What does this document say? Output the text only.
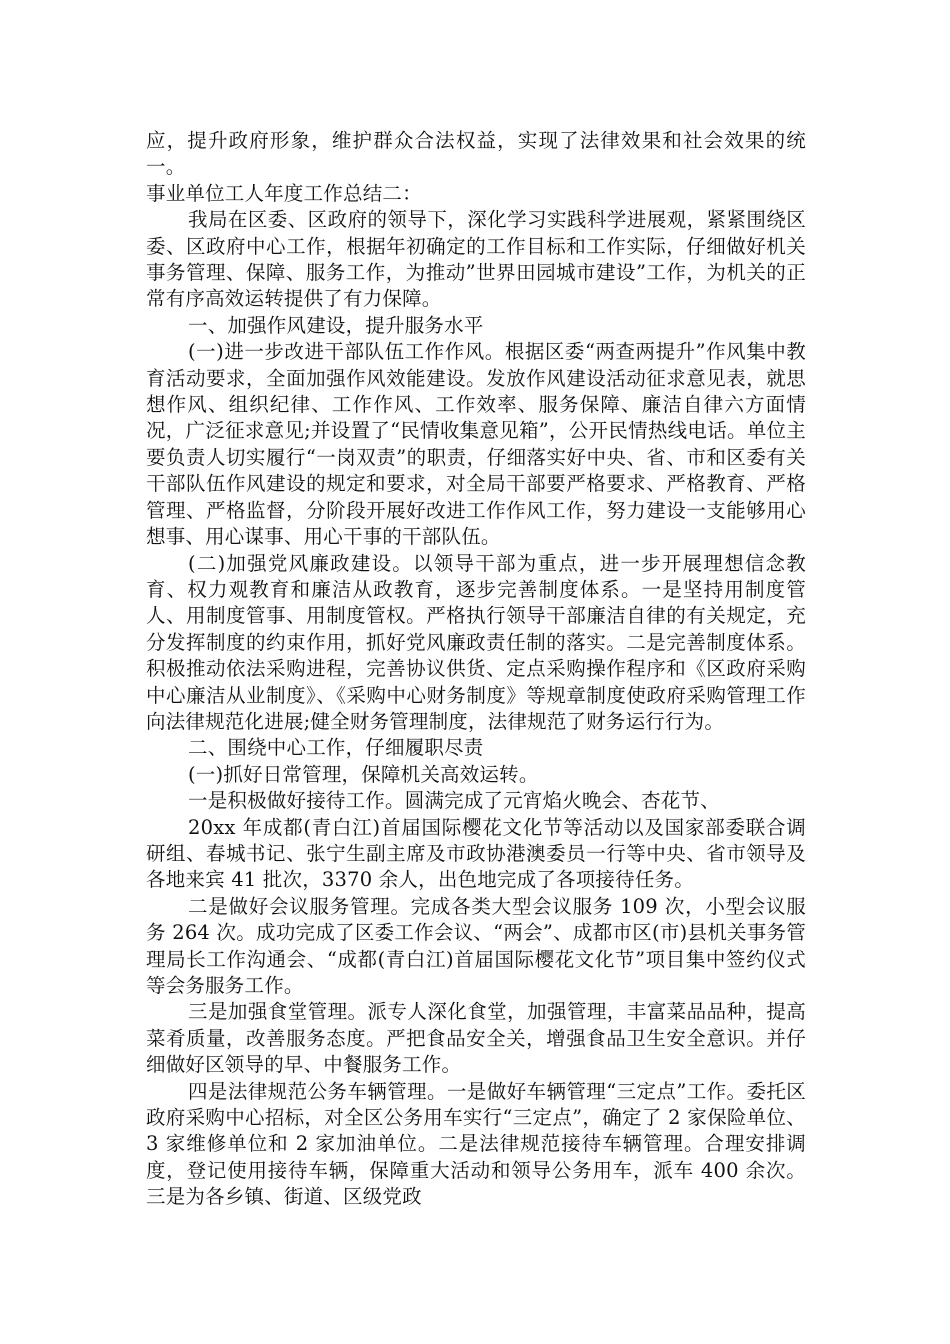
应，提升政府形象，维护群众合法权益，实现了法律效果和社会效果的统一。

事业单位工人年度工作总结二：

我局在区委、区政府的领导下，深化学习实践科学进展观，紧紧围绕区委、区政府中心工作，根据年初确定的工作目标和工作实际，仔细做好机关事务管理、保障、服务工作，为推动”世界田园城市建设”工作，为机关的正常有序高效运转提供了有力保障。

一、加强作风建设，提升服务水平

(一)进一步改进干部队伍工作作风。根据区委“两查两提升”作风集中教育活动要求，全面加强作风效能建设。发放作风建设活动征求意见表，就思想作风、组织纪律、工作作风、工作效率、服务保障、廉洁自律六方面情况，广泛征求意见;并设置了“民情收集意见箱”，公开民情热线电话。单位主要负责人切实履行“一岗双责”的职责，仔细落实好中央、省、市和区委有关干部队伍作风建设的规定和要求，对全局干部要严格要求、严格教育、严格管理、严格监督，分阶段开展好改进工作作风工作，努力建设一支能够用心想事、用心谋事、用心干事的干部队伍。

(二)加强党风廉政建设。以领导干部为重点，进一步开展理想信念教育、权力观教育和廉洁从政教育，逐步完善制度体系。一是坚持用制度管人、用制度管事、用制度管权。严格执行领导干部廉洁自律的有关规定，充分发挥制度的约束作用，抓好党风廉政责任制的落实。二是完善制度体系。积极推动依法采购进程，完善协议供货、定点采购操作程序和《区政府采购中心廉洁从业制度》、《采购中心财务制度》等规章制度使政府采购管理工作向法律规范化进展;健全财务管理制度，法律规范了财务运行行为。

二、围绕中心工作，仔细履职尽责

(一)抓好日常管理，保障机关高效运转。

一是积极做好接待工作。圆满完成了元宵焰火晚会、杏花节、

20xx 年成都(青白江)首届国际樱花文化节等活动以及国家部委联合调研组、春城书记、张宁生副主席及市政协港澳委员一行等中央、省市领导及各地来宾 41 批次，3370 余人，出色地完成了各项接待任务。

二是做好会议服务管理。完成各类大型会议服务 109 次，小型会议服务 264 次。成功完成了区委工作会议、“两会”、成都市区(市)县机关事务管理局长工作沟通会、“成都(青白江)首届国际樱花文化节”项目集中签约仪式等会务服务工作。

三是加强食堂管理。派专人深化食堂，加强管理，丰富菜品品种，提高菜肴质量，改善服务态度。严把食品安全关，增强食品卫生安全意识。并仔细做好区领导的早、中餐服务工作。

四是法律规范公务车辆管理。一是做好车辆管理“三定点”工作。委托区政府采购中心招标，对全区公务用车实行“三定点”，确定了 2 家保险单位、3 家维修单位和 2 家加油单位。二是法律规范接待车辆管理。合理安排调度，登记使用接待车辆，保障重大活动和领导公务用车，派车 400 余次。三是为各乡镇、街道、区级党政
